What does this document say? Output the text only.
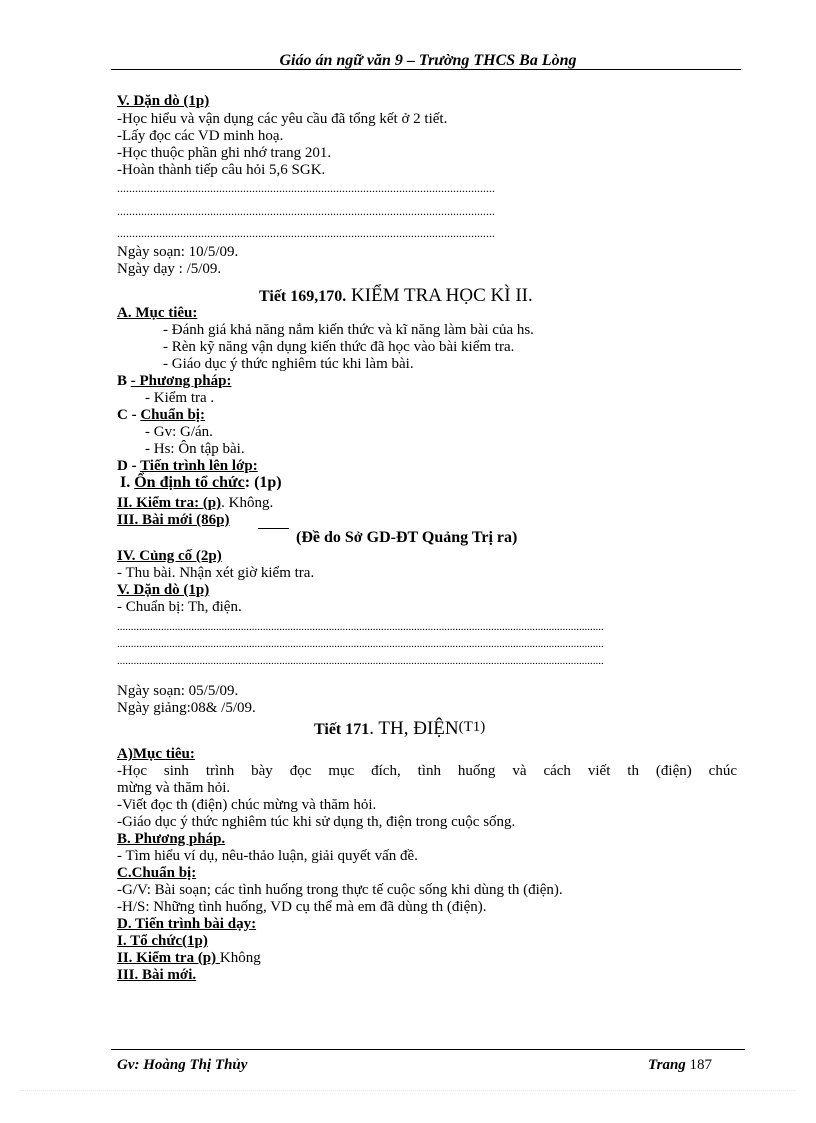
Giáo án ngữ văn 9 – Trường THCS Ba Lòng
V. Dặn dò (1p)
-Học hiểu và vận dụng các yêu cầu đã tổng kết ở 2 tiết.
-Lấy đọc các VD minh hoạ.
-Học thuộc phần ghi nhớ trang 201.
-Hoàn thành tiếp câu hỏi 5,6 SGK.
..............................................................................................................................
..............................................................................................................................
..............................................................................................................................
Ngày soạn: 10/5/09.
Ngày dạy : /5/09.
Tiết 169,170. KIỂM TRA HỌC KÌ II.
A. Mục tiêu:
- Đánh giá khả năng nắm kiến thức và kĩ năng làm bài của hs.
- Rèn kỹ năng vận dụng kiến thức đã học vào bài kiểm tra.
- Giáo dục ý thức nghiêm túc khi làm bài.
B - Phương pháp:
- Kiểm tra .
C - Chuẩn bị:
- Gv: G/án.
- Hs: Ôn tập bài.
D - Tiến trình lên lớp:
I. Ổn định tổ chức: (1p)
II. Kiểm tra: (p). Không.
III. Bài mới (86p)
(Đề do Sở GD-ĐT Quảng Trị ra)
IV. Củng cố (2p)
- Thu bài. Nhận xét giờ kiểm tra.
V. Dặn dò (1p)
- Chuẩn bị: Th, điện.
.................................................................................................................................................................................
.................................................................................................................................................................................
.................................................................................................................................................................................
Ngày soạn: 05/5/09.
Ngày giảng:08& /5/09.
Tiết 171. TH, ĐIỆN(T1)
A)Mục tiêu:
-Học sinh trình bày đọc mục đích, tình huống và cách viết th (điện) chúc
mừng và thăm hỏi.
-Viết đọc th (điện) chúc mừng và thăm hỏi.
-Giáo dục ý thức nghiêm túc khi sử dụng th, điện trong cuộc sống.
B. Phương pháp.
- Tìm hiểu ví dụ, nêu-thảo luận, giải quyết vấn đề.
C.Chuẩn bị:
-G/V: Bài soạn; các tình huống trong thực tế cuộc sống khi dùng th (điện).
-H/S: Những tình huống, VD cụ thể mà em đã dùng th (điện).
D. Tiến trình bài dạy:
I. Tổ chức(1p)
II. Kiểm tra (p) Không
III. Bài mới.
Gv: Hoàng Thị Thủy	Trang 187
